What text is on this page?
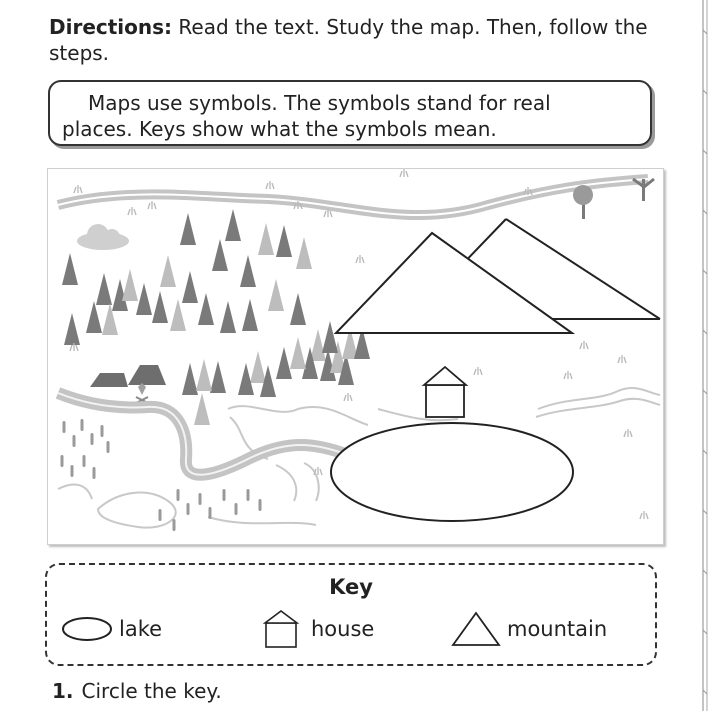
Directions: Read the text. Study the map. Then, follow the steps.
Maps use symbols. The symbols stand for real
places. Keys show what the symbols mean.
Key
lake	house	mountain
1. Circle the key.
